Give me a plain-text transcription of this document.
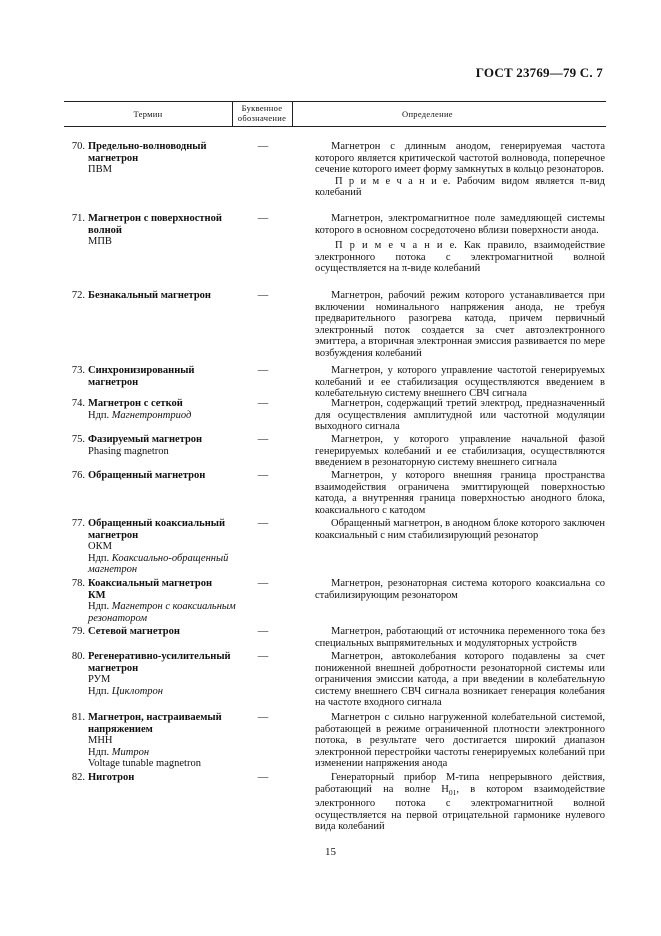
ГОСТ 23769—79 С. 7
Термин
Буквенное обозначение	Определение
70. Предельно-волноводный магнетрон
ПВМ
—	Магнетрон с длинным анодом, генерируемая частота которого является критической частотой волновода, поперечное сечение которого имеет форму замкнутых в кольцо резонаторов.

П р и м е ч а н и е. Рабочим видом является π-вид колебаний

71. Магнетрон с поверхностной волной
МПВ
—	Магнетрон, электромагнитное поле замедляющей системы которого в основном сосредоточено вблизи поверхности анода.

П р и м е ч а н и е. Как правило, взаимодействие электронного потока с электромагнитной волной осуществляется на π-виде колебаний

72. Безнакальный магнетрон	—	Магнетрон, рабочий режим которого устанавливается при включении номинального напряжения анода, не требуя предварительного разогрева катода, причем первичный электронный поток создается за счет автоэлектронного эмиттера, а вторичная электронная эмиссия развивается по мере возбуждения колебаний

73. Синхронизированный магнетрон
—	Магнетрон, у которого управление частотой генерируемых колебаний и ее стабилизация осуществляются введением в колебательную систему внешнего СВЧ сигнала

74. Магнетрон с сеткой
Ндп. Магнетронтриод
—	Магнетрон, содержащий третий электрод, предназначенный для осуществления амплитудной или частотной модуляции выходного сигнала

75. Фазируемый магнетрон
Phasing magnetron
—	Магнетрон, у которого управление начальной фазой генерируемых колебаний и ее стабилизация, осуществляются введением в резонаторную систему внешнего сигнала

76. Обращенный магнетрон	—	Магнетрон, у которого внешняя граница пространства взаимодействия ограничена эмиттирующей поверхностью катода, а внутренняя граница поверхностью анодного блока, коаксиального с катодом

77. Обращенный коаксиальный магнетрон
ОКМ
Ндп. Коаксиально-обращенный магнетрон
—	Обращенный магнетрон, в анодном блоке которого заключен коаксиальный с ним стабилизирующий резонатор

78. Коаксиальный магнетрон
КМ
Ндп. Магнетрон с коаксиальным резонатором
—	Магнетрон, резонаторная система которого коаксиальна со стабилизирующим резонатором

79. Сетевой магнетрон	—	Магнетрон, работающий от источника переменного тока без специальных выпрямительных и модуляторных устройств

80. Регенеративно-усилительный магнетрон
РУМ
Ндп. Циклотрон
—	Магнетрон, автоколебания которого подавлены за счет пониженной внешней добротности резонаторной системы или ограничения эмиссии катода, а при введении в колебательную систему внешнего СВЧ сигнала возникает генерация колебания на частоте входного сигнала

81. Магнетрон, настраиваемый напряжением
МНН
Ндп. Митрон
Voltage tunable magnetron
—	Магнетрон с сильно нагруженной колебательной системой, работающей в режиме ограниченной плотности электронного потока, в результате чего достигается широкий диапазон электронной перестройки частоты генерируемых колебаний при изменении напряжения анода

82. Ниготрон	—	Генераторный прибор М-типа непрерывного действия, работающий на волне $H_{01}$, в котором взаимодействие электронного потока с электромагнитной волной осуществляется на первой отрицательной гармонике нулевого вида колебаний

15
